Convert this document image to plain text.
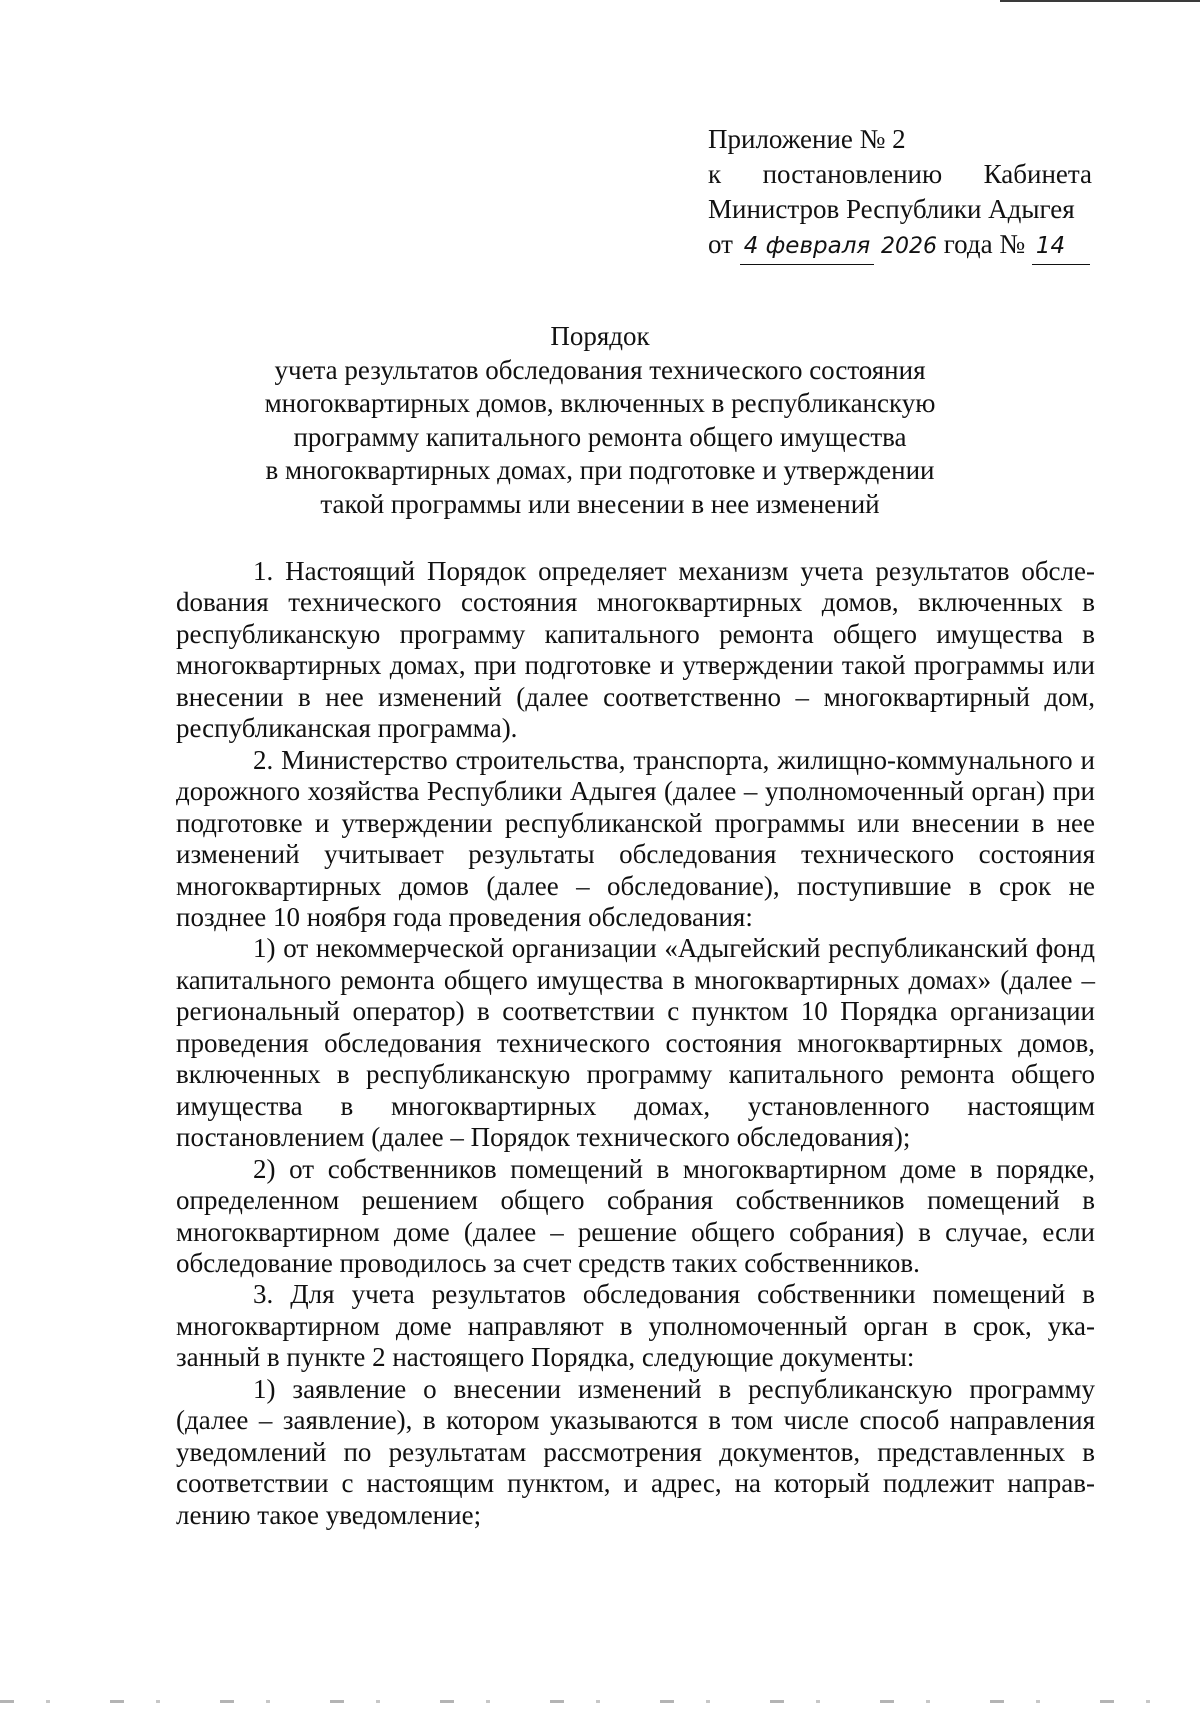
Приложение № 2
к постановлению Кабинета
Министров Республики Адыгея
от 4 февраля 2026 года № 14
Порядок
учета результатов обследования технического состояния
многоквартирных домов, включенных в республиканскую
программу капитального ремонта общего имущества
в многоквартирных домах, при подготовке и утверждении
такой программы или внесении в нее изменений

1. Настоящий Порядок определяет механизм учета результатов обслеdования технического состояния многоквартирных домов, включенных в республиканскую программу капитального ремонта общего имущества в многоквартирных домах, при подготовке и утверждении такой программы или внесении в нее изменений (далее соответственно – многоквартирный дом, республиканская программа).

2. Министерство строительства, транспорта, жилищно-коммунального и дорожного хозяйства Республики Адыгея (далее – уполномоченный орган) при подготовке и утверждении республиканской программы или внесении в нее изменений учитывает результаты обследования технического состояния многоквартирных домов (далее – обследование), поступившие в срок не позднее 10 ноября года проведения обследования:

1) от некоммерческой организации «Адыгейский республиканский фонд капитального ремонта общего имущества в многоквартирных домах» (далее – региональный оператор) в соответствии с пунктом 10 Порядка организации проведения обследования технического состояния многоквартирных домов, включенных в республиканскую программу капитального ремонта общего имущества в многоквартирных домах, установленного настоящим постановлением (далее – Порядок технического обследования);

2) от собственников помещений в многоквартирном доме в порядке, определенном решением общего собрания собственников помещений в многоквартирном доме (далее – решение общего собрания) в случае, если обследование проводилось за счет средств таких собственников.

3. Для учета результатов обследования собственники помещений в многоквартирном доме направляют в уполномоченный орган в срок, указанный в пункте 2 настоящего Порядка, следующие документы:

1) заявление о внесении изменений в республиканскую программу (далее – заявление), в котором указываются в том числе способ направления уведомлений по результатам рассмотрения документов, представленных в соответствии с настоящим пунктом, и адрес, на который подлежит направлению такое уведомление;
